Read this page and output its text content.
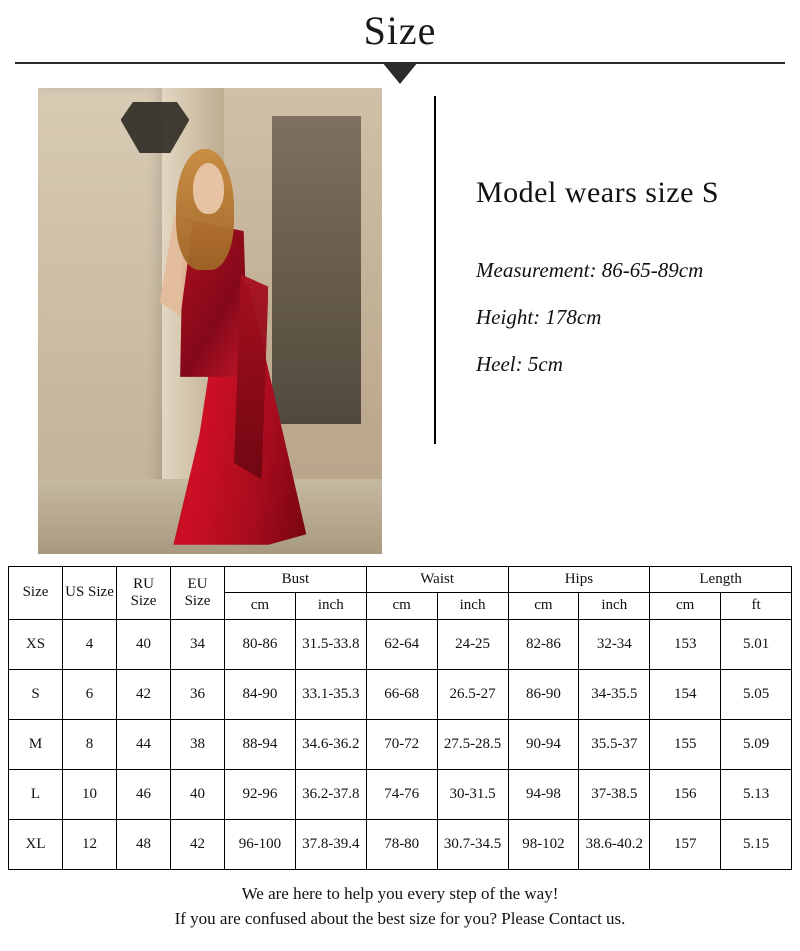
Size
Model wears size S
Measurement: 86-65-89cm
Height: 178cm
Heel: 5cm
Size	US Size	RU Size	EU Size	Bust		Waist		Hips		Length	
				cm	inch	cm	inch	cm	inch	cm	ft
XS	4	40	34	80-86	31.5-33.8	62-64	24-25	82-86	32-34	153	5.01
S	6	42	36	84-90	33.1-35.3	66-68	26.5-27	86-90	34-35.5	154	5.05
M	8	44	38	88-94	34.6-36.2	70-72	27.5-28.5	90-94	35.5-37	155	5.09
L	10	46	40	92-96	36.2-37.8	74-76	30-31.5	94-98	37-38.5	156	5.13
XL	12	48	42	96-100	37.8-39.4	78-80	30.7-34.5	98-102	38.6-40.2	157	5.15
We are here to help you every step of the way!
If you are confused about the best size for you? Please Contact us.
